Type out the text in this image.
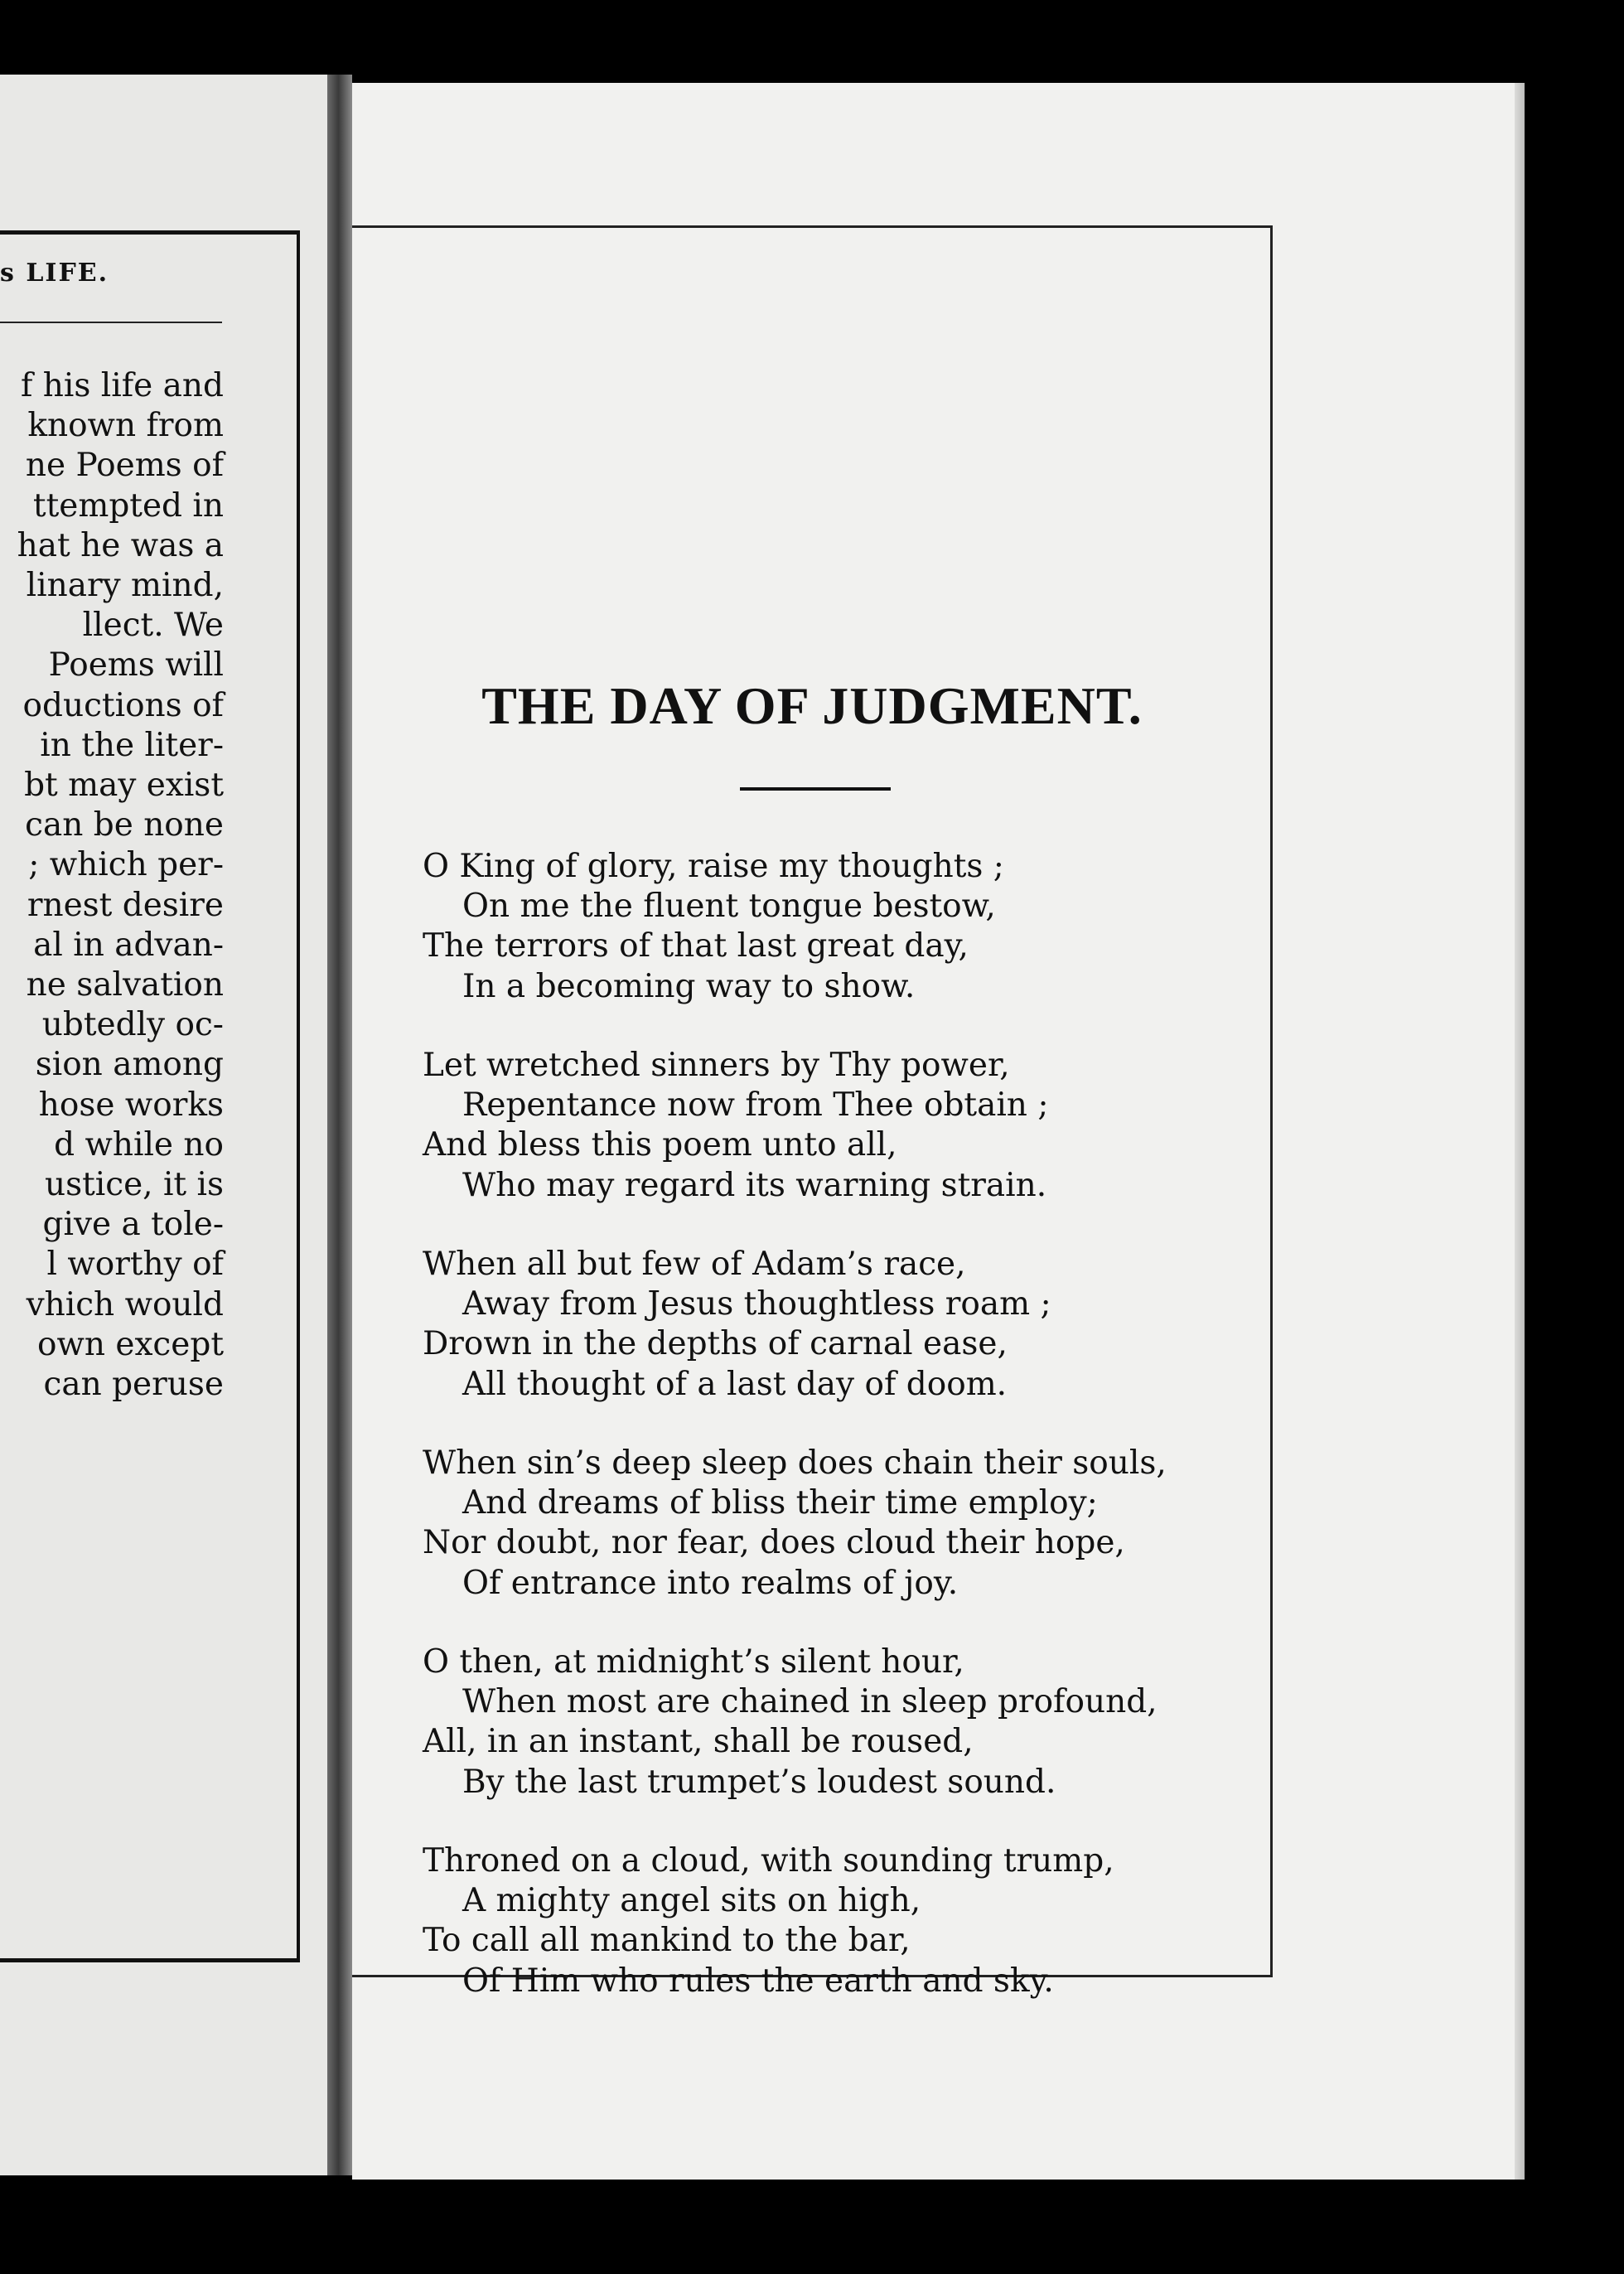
s LIFE.
f his life and
known from
ne Poems of
ttempted in
hat he was a
linary mind,
llect. We
Poems will
oductions of
in the liter-
bt may exist
can be none
; which per-
rnest desire
al in advan-
ne salvation
ubtedly oc-
sion among
hose works
d while no
ustice, it is
give a tole-
l worthy of
vhich would
own except
can peruse
THE DAY OF JUDGMENT.
O King of glory, raise my thoughts ;
On me the fluent tongue bestow,
The terrors of that last great day,
In a becoming way to show.
Let wretched sinners by Thy power,
Repentance now from Thee obtain ;
And bless this poem unto all,
Who may regard its warning strain.
When all but few of Adam’s race,
Away from Jesus thoughtless roam ;
Drown in the depths of carnal ease,
All thought of a last day of doom.
When sin’s deep sleep does chain their souls,
And dreams of bliss their time employ;
Nor doubt, nor fear, does cloud their hope,
Of entrance into realms of joy.
O then, at midnight’s silent hour,
When most are chained in sleep profound,
All, in an instant, shall be roused,
By the last trumpet’s loudest sound.
Throned on a cloud, with sounding trump,
A mighty angel sits on high,
To call all mankind to the bar,
Of Him who rules the earth and sky.
